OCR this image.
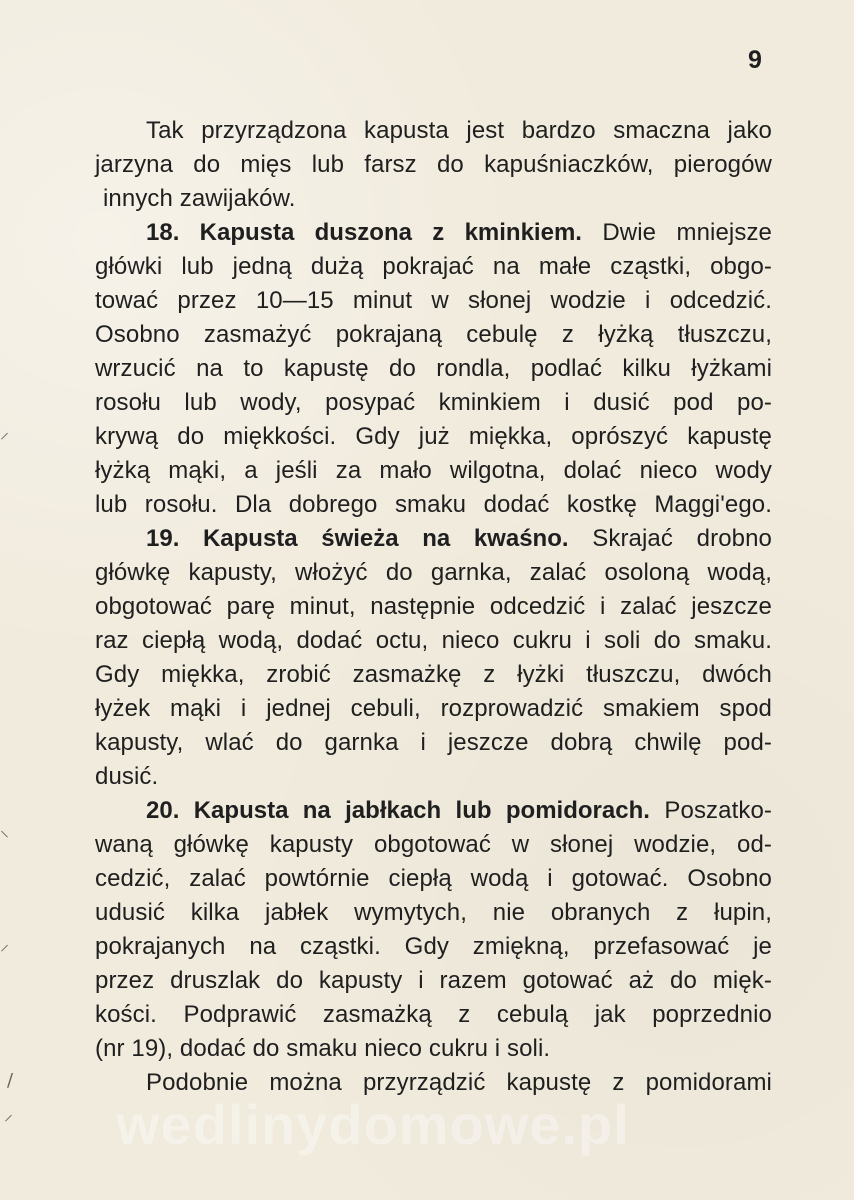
9
Tak przyrządzona kapusta jest bardzo smaczna jako
jarzyna do mięs lub farsz do kapuśniaczków, pierogów
innych zawijaków.
18. Kapusta duszona z kminkiem. Dwie mniejsze
główki lub jedną dużą pokrajać na małe cząstki, obgo-
tować przez 10—15 minut w słonej wodzie i odcedzić.
Osobno zasmażyć pokrajaną cebulę z łyżką tłuszczu,
wrzucić na to kapustę do rondla, podlać kilku łyżkami
rosołu lub wody, posypać kminkiem i dusić pod po-
krywą do miękkości. Gdy już miękka, oprószyć kapustę
łyżką mąki, a jeśli za mało wilgotna, dolać nieco wody
lub rosołu. Dla dobrego smaku dodać kostkę Maggi'ego.
19. Kapusta świeża na kwaśno. Skrajać drobno
główkę kapusty, włożyć do garnka, zalać osoloną wodą,
obgotować parę minut, następnie odcedzić i zalać jeszcze
raz ciepłą wodą, dodać octu, nieco cukru i soli do smaku.
Gdy miękka, zrobić zasmażkę z łyżki tłuszczu, dwóch
łyżek mąki i jednej cebuli, rozprowadzić smakiem spod
kapusty, wlać do garnka i jeszcze dobrą chwilę pod-
dusić.
20. Kapusta na jabłkach lub pomidorach. Poszatko-
waną główkę kapusty obgotować w słonej wodzie, od-
cedzić, zalać powtórnie ciepłą wodą i gotować. Osobno
udusić kilka jabłek wymytych, nie obranych z łupin,
pokrajanych na cząstki. Gdy zmiękną, przefasować je
przez druszlak do kapusty i razem gotować aż do mięk-
kości. Podprawić zasmażką z cebulą jak poprzednio
(nr 19), dodać do smaku nieco cukru i soli.
Podobnie można przyrządzić kapustę z pomidorami
⸝
⸜
⸝
/
⸝ wedlinydomowe.pl
